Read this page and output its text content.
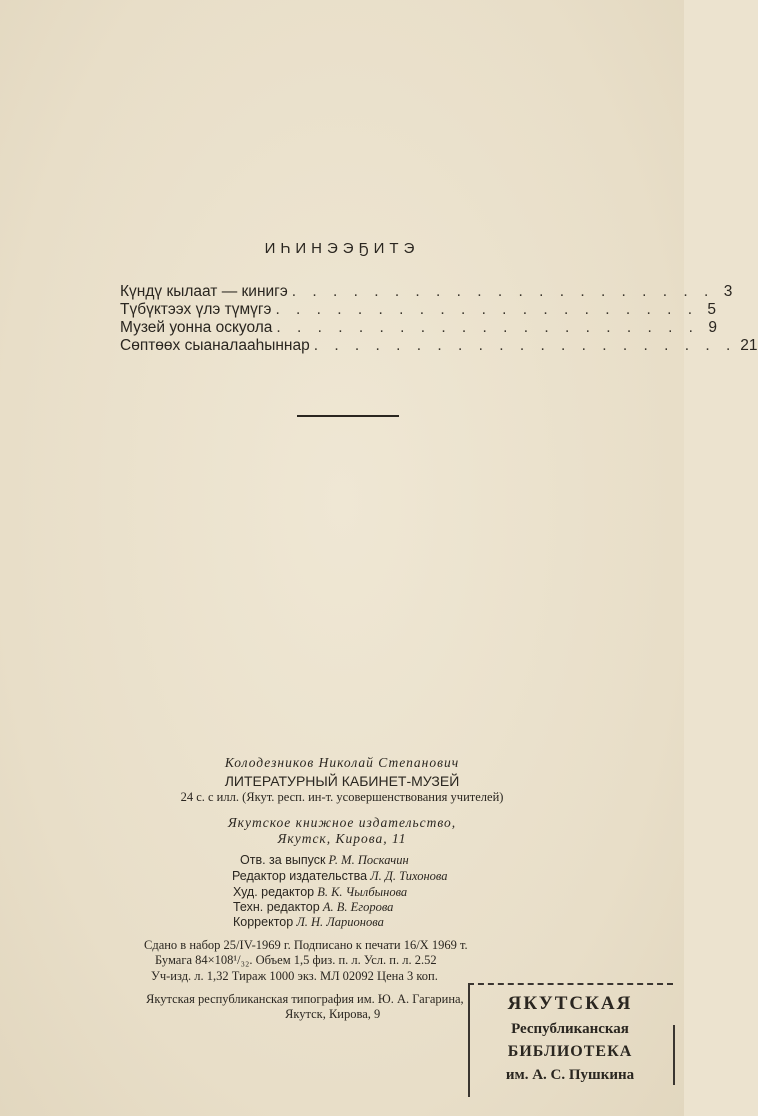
ИҺИНЭЭҔИТЭ
Күндү кылаат — кинигэ . . . . . . . . . . . . . . . . . . . . . 3
Түбүктээх үлэ түмүгэ . . . . . . . . . . . . . . . . . . . . . 5
Музей уонна оскуола . . . . . . . . . . . . . . . . . . . . . 9
Сөптөөх сыаналааһыннар . . . . . . . . . . . . . . . . . . . . . 21
Колодезников Николай Степанович
ЛИТЕРАТУРНЫЙ КАБИНЕТ-МУЗЕЙ
24 с. с илл. (Якут. респ. ин-т. усовершенствования учителей)
Якутское книжное издательство,
Якутск, Кирова, 11
Отв. за выпуск Р. М. Поскачин
Редактор издательства Л. Д. Тихонова
Худ. редактор В. К. Чылбынова
Техн. редактор А. В. Егорова
Корректор Л. Н. Ларионова
Сдано в набор 25/IV-1969 г. Подписано к печати 16/X 1969 т.
Бумага 84×108¹/₃₂. Объем 1,5 физ. п. л. Усл. п. л. 2.52
Уч-изд. л. 1,32 Тираж 1000 экз. МЛ 02092 Цена 3 коп.
Якутская республиканская типография им. Ю. А. Гагарина,
Якутск, Кирова, 9	ЯКУТСКАЯ
Республиканская
БИБЛИОТЕКА
им. А. С. Пушкина
